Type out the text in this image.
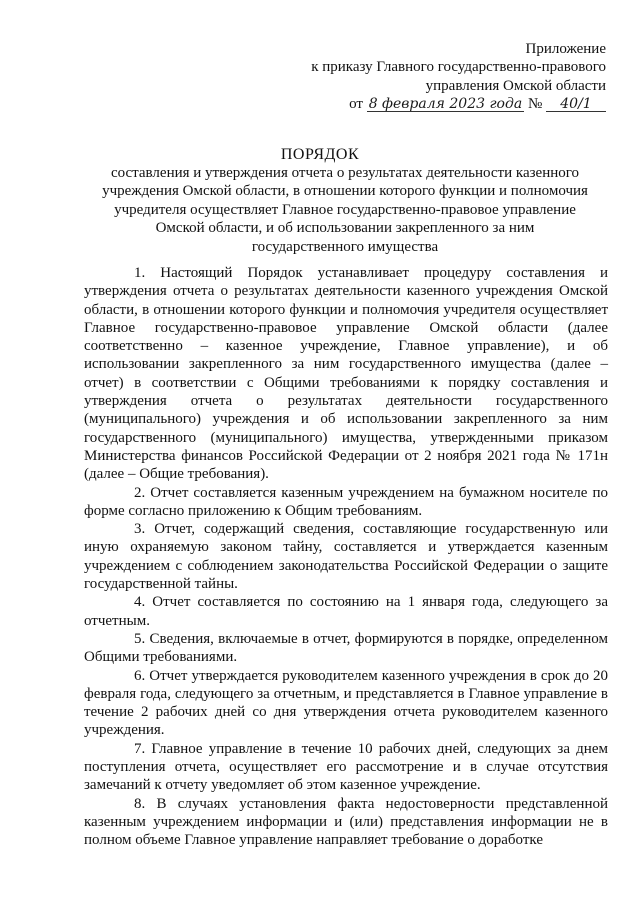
Приложение
к приказу Главного государственно-правового
управления Омской области
от 8 февраля 2023 года № 40/1
ПОРЯДОК
составления и утверждения отчета о результатах деятельности казенного учреждения Омской области, в отношении которого функции и полномочия учредителя осуществляет Главное государственно-правовое управление Омской области, и об использовании закрепленного за ним государственного имущества

1. Настоящий Порядок устанавливает процедуру составления и утверждения отчета о результатах деятельности казенного учреждения Омской области, в отношении которого функции и полномочия учредителя осуществляет Главное государственно-правовое управление Омской области (далее соответственно – казенное учреждение, Главное управление), и об использовании закрепленного за ним государственного имущества (далее – отчет) в соответствии с Общими требованиями к порядку составления и утверждения отчета о результатах деятельности государственного (муниципального) учреждения и об использовании закрепленного за ним государственного (муниципального) имущества, утвержденными приказом Министерства финансов Российской Федерации от 2 ноября 2021 года № 171н (далее – Общие требования).

2. Отчет составляется казенным учреждением на бумажном носителе по форме согласно приложению к Общим требованиям.

3. Отчет, содержащий сведения, составляющие государственную или иную охраняемую законом тайну, составляется и утверждается казенным учреждением с соблюдением законодательства Российской Федерации о защите государственной тайны.

4. Отчет составляется по состоянию на 1 января года, следующего за отчетным.

5. Сведения, включаемые в отчет, формируются в порядке, определенном Общими требованиями.

6. Отчет утверждается руководителем казенного учреждения в срок до 20 февраля года, следующего за отчетным, и представляется в Главное управление в течение 2 рабочих дней со дня утверждения отчета руководителем казенного учреждения.

7. Главное управление в течение 10 рабочих дней, следующих за днем поступления отчета, осуществляет его рассмотрение и в случае отсутствия замечаний к отчету уведомляет об этом казенное учреждение.

8. В случаях установления факта недостоверности представленной казенным учреждением информации и (или) представления информации не в полном объеме Главное управление направляет требование о доработке
